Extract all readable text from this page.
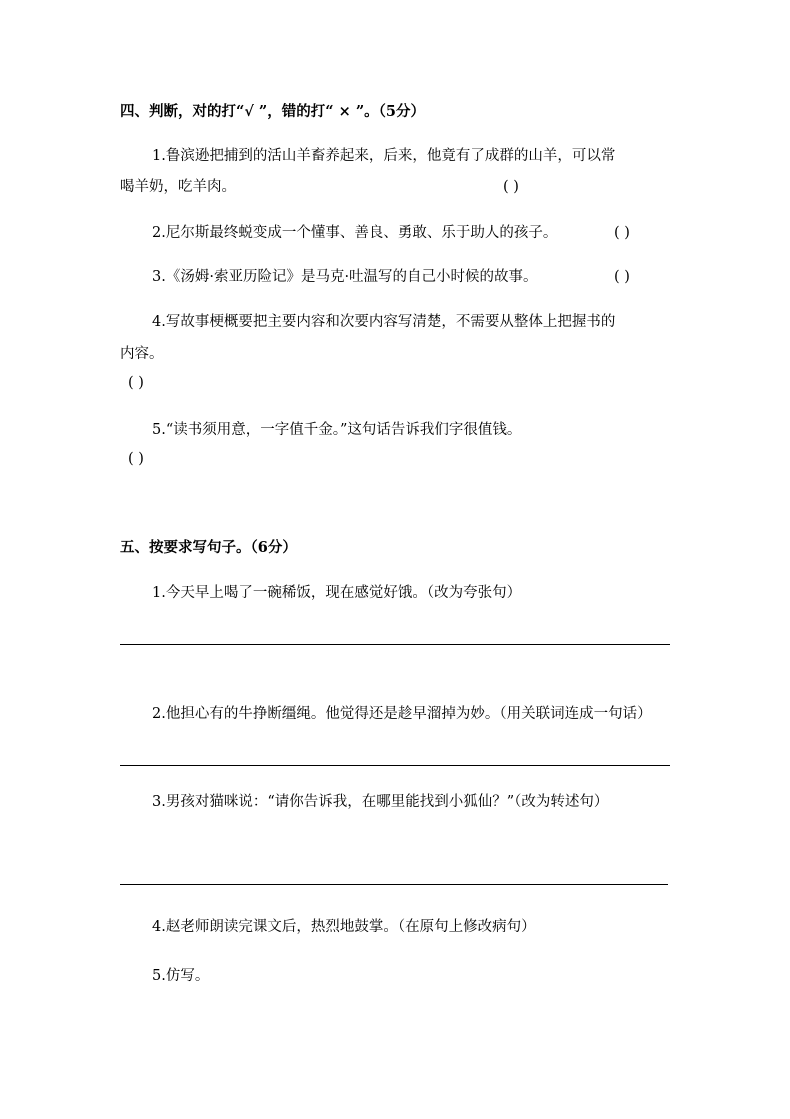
四、判断，对的打“√ ”，错的打“ × ”。（5分）
1.鲁滨逊把捕到的活山羊畜养起来，后来，他竟有了成群的山羊，可以常
喝羊奶，吃羊肉。	( )
2.尼尔斯最终蜕变成一个懂事、善良、勇敢、乐于助人的孩子。	( )
3.《汤姆·索亚历险记》是马克·吐温写的自己小时候的故事。	( )
4.写故事梗概要把主要内容和次要内容写清楚，不需要从整体上把握书的
内容。
( )
5.“读书须用意，一字值千金。”这句话告诉我们字很值钱。
( )
五、按要求写句子。（6分）
1.今天早上喝了一碗稀饭，现在感觉好饿。（改为夸张句）
2.他担心有的牛挣断缰绳。他觉得还是趁早溜掉为妙。（用关联词连成一句话）
3.男孩对猫咪说：“请你告诉我，在哪里能找到小狐仙？”（改为转述句）
4.赵老师朗读完课文后，热烈地鼓掌。（在原句上修改病句）
5.仿写。
